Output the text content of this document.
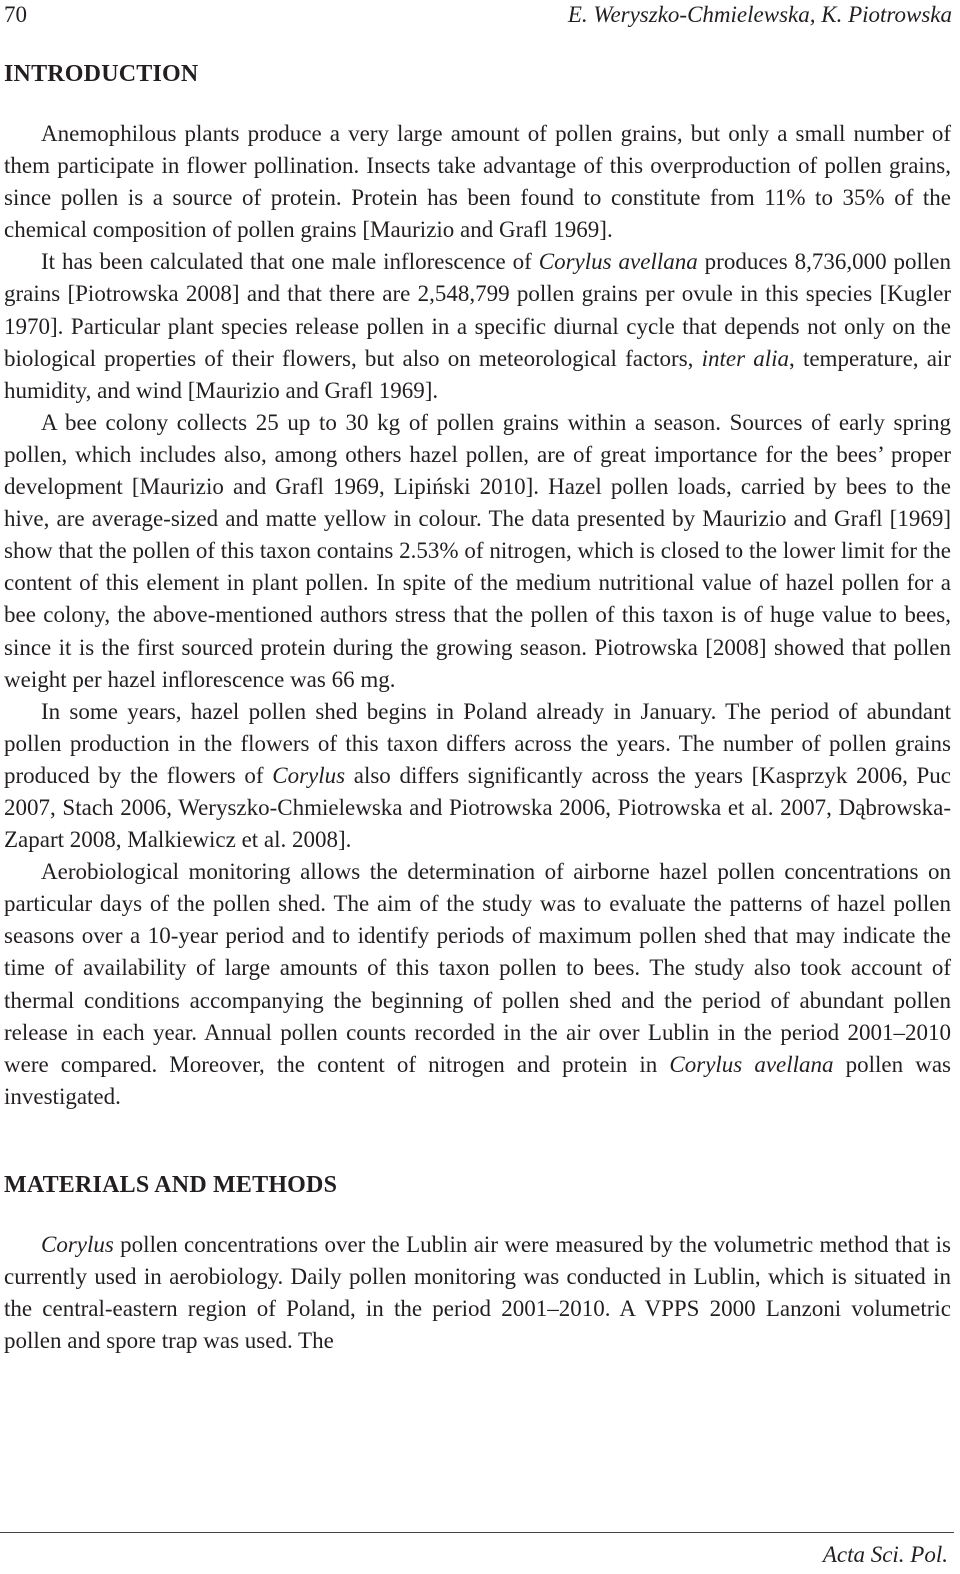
70	E. Weryszko-Chmielewska, K. Piotrowska
INTRODUCTION

Anemophilous plants produce a very large amount of pollen grains, but only a small number of them participate in flower pollination. Insects take advantage of this overproduction of pollen grains, since pollen is a source of protein. Protein has been found to constitute from 11% to 35% of the chemical composition of pollen grains [Maurizio and Grafl 1969].

It has been calculated that one male inflorescence of Corylus avellana produces 8,736,000 pollen grains [Piotrowska 2008] and that there are 2,548,799 pollen grains per ovule in this species [Kugler 1970]. Particular plant species release pollen in a specific diurnal cycle that depends not only on the biological properties of their flowers, but also on meteorological factors, inter alia, temperature, air humidity, and wind [Maurizio and Grafl 1969].

A bee colony collects 25 up to 30 kg of pollen grains within a season. Sources of early spring pollen, which includes also, among others hazel pollen, are of great importance for the bees’ proper development [Maurizio and Grafl 1969, Lipiński 2010]. Hazel pollen loads, carried by bees to the hive, are average-sized and matte yellow in colour. The data presented by Maurizio and Grafl [1969] show that the pollen of this taxon contains 2.53% of nitrogen, which is closed to the lower limit for the content of this element in plant pollen. In spite of the medium nutritional value of hazel pollen for a bee colony, the above-mentioned authors stress that the pollen of this taxon is of huge value to bees, since it is the first sourced protein during the growing season. Piotrowska [2008] showed that pollen weight per hazel inflorescence was 66 mg.

In some years, hazel pollen shed begins in Poland already in January. The period of abundant pollen production in the flowers of this taxon differs across the years. The number of pollen grains produced by the flowers of Corylus also differs significantly across the years [Kasprzyk 2006, Puc 2007, Stach 2006, Weryszko-Chmielewska and Piotrowska 2006, Piotrowska et al. 2007, Dąbrowska-Zapart 2008, Malkiewicz et al. 2008].

Aerobiological monitoring allows the determination of airborne hazel pollen concentrations on particular days of the pollen shed. The aim of the study was to evaluate the patterns of hazel pollen seasons over a 10-year period and to identify periods of maximum pollen shed that may indicate the time of availability of large amounts of this taxon pollen to bees. The study also took account of thermal conditions accompanying the beginning of pollen shed and the period of abundant pollen release in each year. Annual pollen counts recorded in the air over Lublin in the period 2001–2010 were compared. Moreover, the content of nitrogen and protein in Corylus avellana pollen was investigated.

MATERIALS AND METHODS

Corylus pollen concentrations over the Lublin air were measured by the volumetric method that is currently used in aerobiology. Daily pollen monitoring was conducted in Lublin, which is situated in the central-eastern region of Poland, in the period 2001–2010. A VPPS 2000 Lanzoni volumetric pollen and spore trap was used. The

Acta Sci. Pol.
